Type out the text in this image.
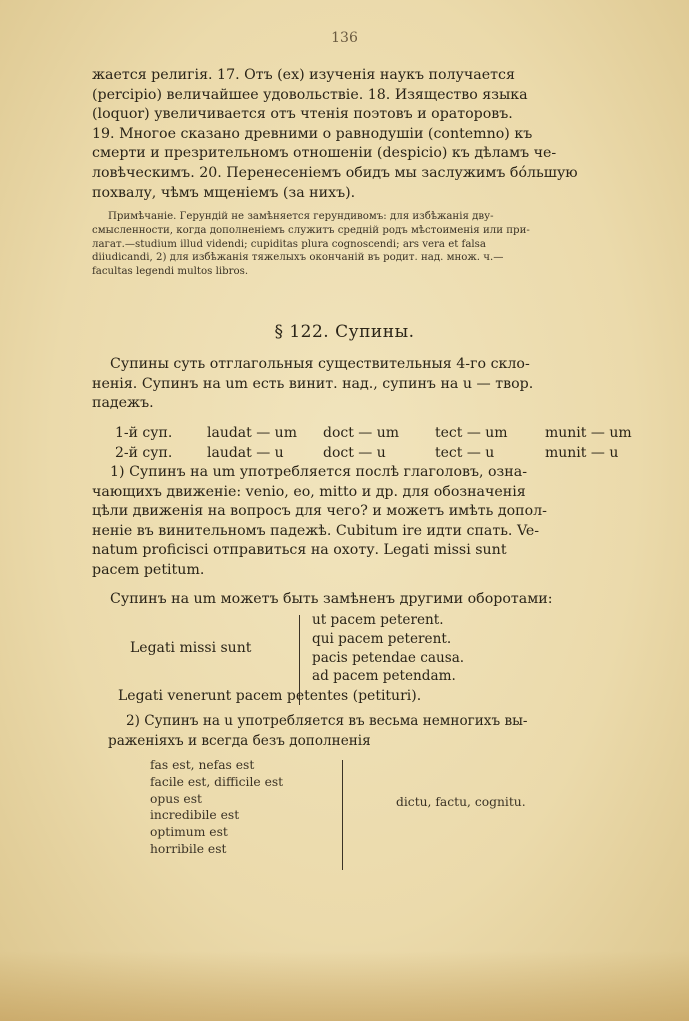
136
жается религія. 17. Отъ (ex) изученія наукъ получается
(percipio) величайшее удовольствіе. 18. Изящество языка
(loquor) увеличивается отъ чтенія поэтовъ и ораторовъ.
19. Многое сказано древними о равнодушіи (contemno) къ
смерти и презрительномъ отношеніи (despicio) къ дѣламъ че-
ловѣческимъ. 20. Перенесеніемъ обидъ мы заслужимъ бóльшую
похвалу, чѣмъ мщеніемъ (за нихъ).
Примѣчаніе. Герундій не замѣняется герундивомъ: для избѣжанія дву-
смысленности, когда дополненіемъ служитъ средній родъ мѣстоименія или при-
лагат.—studium illud videndi; cupiditas plura cognoscendi; ars vera et falsa
diiudicandi, 2) для избѣжанія тяжелыхъ окончаній въ родит. над. множ. ч.—
facultas legendi multos libros.
§ 122. Супины.
Супины суть отглагольныя существительныя 4-го скло-
ненія. Супинъ на um есть винит. над., супинъ на u — твор.
падежъ.
1-й суп.	laudat — um	doct — um	tect — um	munit — um
2-й суп.	laudat — u	doct — u	tect — u	munit — u
1) Супинъ на um употребляется послѣ глаголовъ, озна-
чающихъ движеніе: venio, eo, mitto и др. для обозначенія
цѣли движенія на вопросъ для чего? и можетъ имѣть допол-
неніе въ винительномъ падежѣ. Cubitum ire идти спать. Ve-
natum proficisci отправиться на охоту. Legati missi sunt
pacem petitum.
Супинъ на um можетъ быть замѣненъ другими оборотами:
Legati missi sunt
ut pacem peterent.
qui pacem peterent.
pacis petendae causa.
ad pacem petendam.
Legati venerunt pacem petentes (petituri).
2) Супинъ на u употребляется въ весьма немногихъ вы-
раженіяхъ и всегда безъ дополненія
fas est, nefas est
facile est, difficile est
opus est
incredibile est
optimum est
horribile est
dictu, factu, cognitu.
